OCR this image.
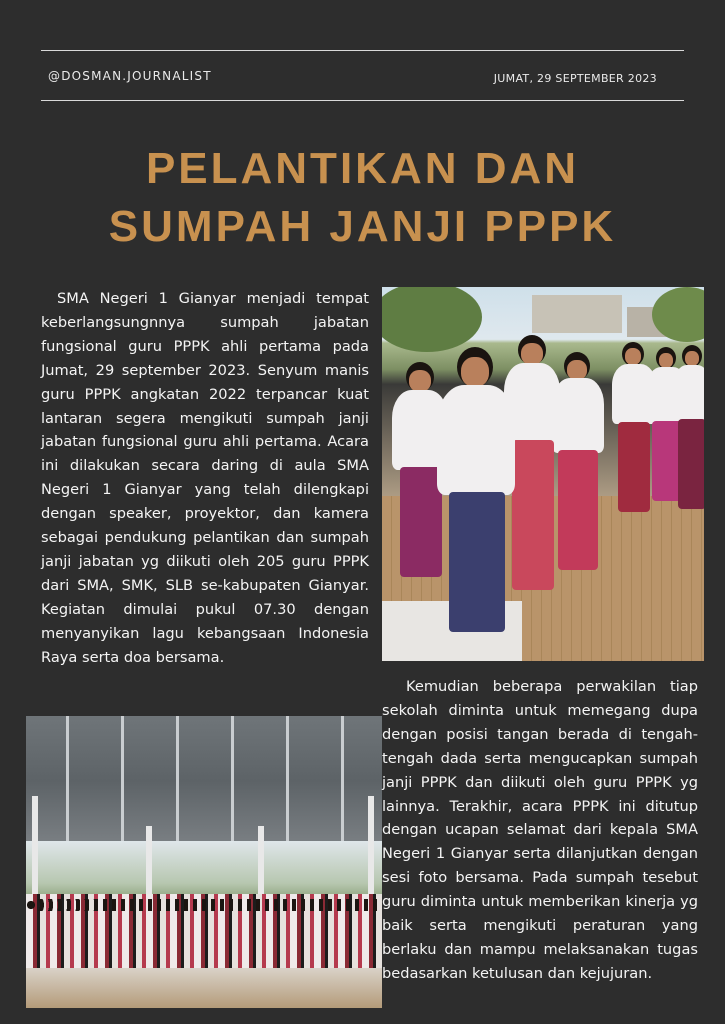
@DOSMAN.JOURNALIST	JUMAT, 29 SEPTEMBER 2023
PELANTIKAN DAN
SUMPAH JANJI PPPK
SMA Negeri 1 Gianyar menjadi tempat keberlangsungnnya sumpah jabatan fungsional guru PPPK ahli pertama pada Jumat, 29 september 2023. Senyum manis guru PPPK angkatan 2022 terpancar kuat lantaran segera mengikuti sumpah janji jabatan fungsional guru ahli pertama. Acara ini dilakukan secara daring di aula SMA Negeri 1 Gianyar yang telah dilengkapi dengan speaker, proyektor, dan kamera sebagai pendukung pelantikan dan sumpah janji jabatan yg diikuti oleh 205 guru PPPK dari SMA, SMK, SLB se-kabupaten Gianyar. Kegiatan dimulai pukul 07.30 dengan menyanyikan lagu kebangsaan Indonesia Raya serta doa bersama.
Kemudian beberapa perwakilan tiap sekolah diminta untuk memegang dupa dengan posisi tangan berada di tengah-tengah dada serta mengucapkan sumpah janji PPPK dan diikuti oleh guru PPPK yg lainnya. Terakhir, acara PPPK ini ditutup dengan ucapan selamat dari kepala SMA Negeri 1 Gianyar serta dilanjutkan dengan sesi foto bersama. Pada sumpah tesebut guru diminta untuk memberikan kinerja yg baik serta mengikuti peraturan yang berlaku dan mampu melaksanakan tugas bedasarkan ketulusan dan kejujuran.
